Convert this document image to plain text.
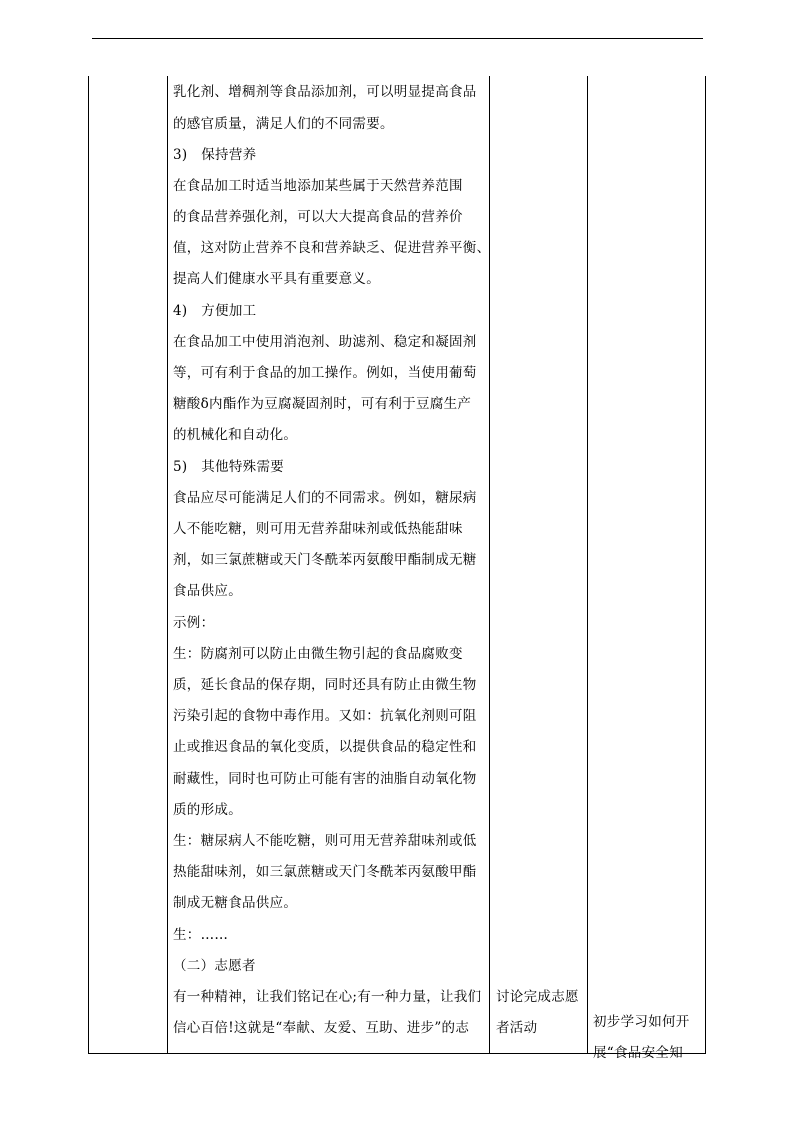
乳化剂、增稠剂等食品添加剂，可以明显提高食品
的感官质量，满足人们的不同需要。
3)　保持营养
在食品加工时适当地添加某些属于天然营养范围
的食品营养强化剂，可以大大提高食品的营养价
值，这对防止营养不良和营养缺乏、促进营养平衡、
提高人们健康水平具有重要意义。
4)　方便加工
在食品加工中使用消泡剂、助滤剂、稳定和凝固剂
等，可有利于食品的加工操作。例如，当使用葡萄
糖酸δ内酯作为豆腐凝固剂时，可有利于豆腐生产
的机械化和自动化。
5)　其他特殊需要
食品应尽可能满足人们的不同需求。例如，糖尿病
人不能吃糖，则可用无营养甜味剂或低热能甜味
剂，如三氯蔗糖或天门冬酰苯丙氨酸甲酯制成无糖
食品供应。
示例：
生：防腐剂可以防止由微生物引起的食品腐败变
质，延长食品的保存期，同时还具有防止由微生物
污染引起的食物中毒作用。又如：抗氧化剂则可阻
止或推迟食品的氧化变质，以提供食品的稳定性和
耐藏性，同时也可防止可能有害的油脂自动氧化物
质的形成。
生：糖尿病人不能吃糖，则可用无营养甜味剂或低
热能甜味剂，如三氯蔗糖或天门冬酰苯丙氨酸甲酯
制成无糖食品供应。
生：……
（二）志愿者
有一种精神，让我们铭记在心;有一种力量，让我们
信心百倍!这就是“奉献、友爱、互助、进步”的志
讨论完成志愿
者活动	初步学习如何开
展“食品安全知
